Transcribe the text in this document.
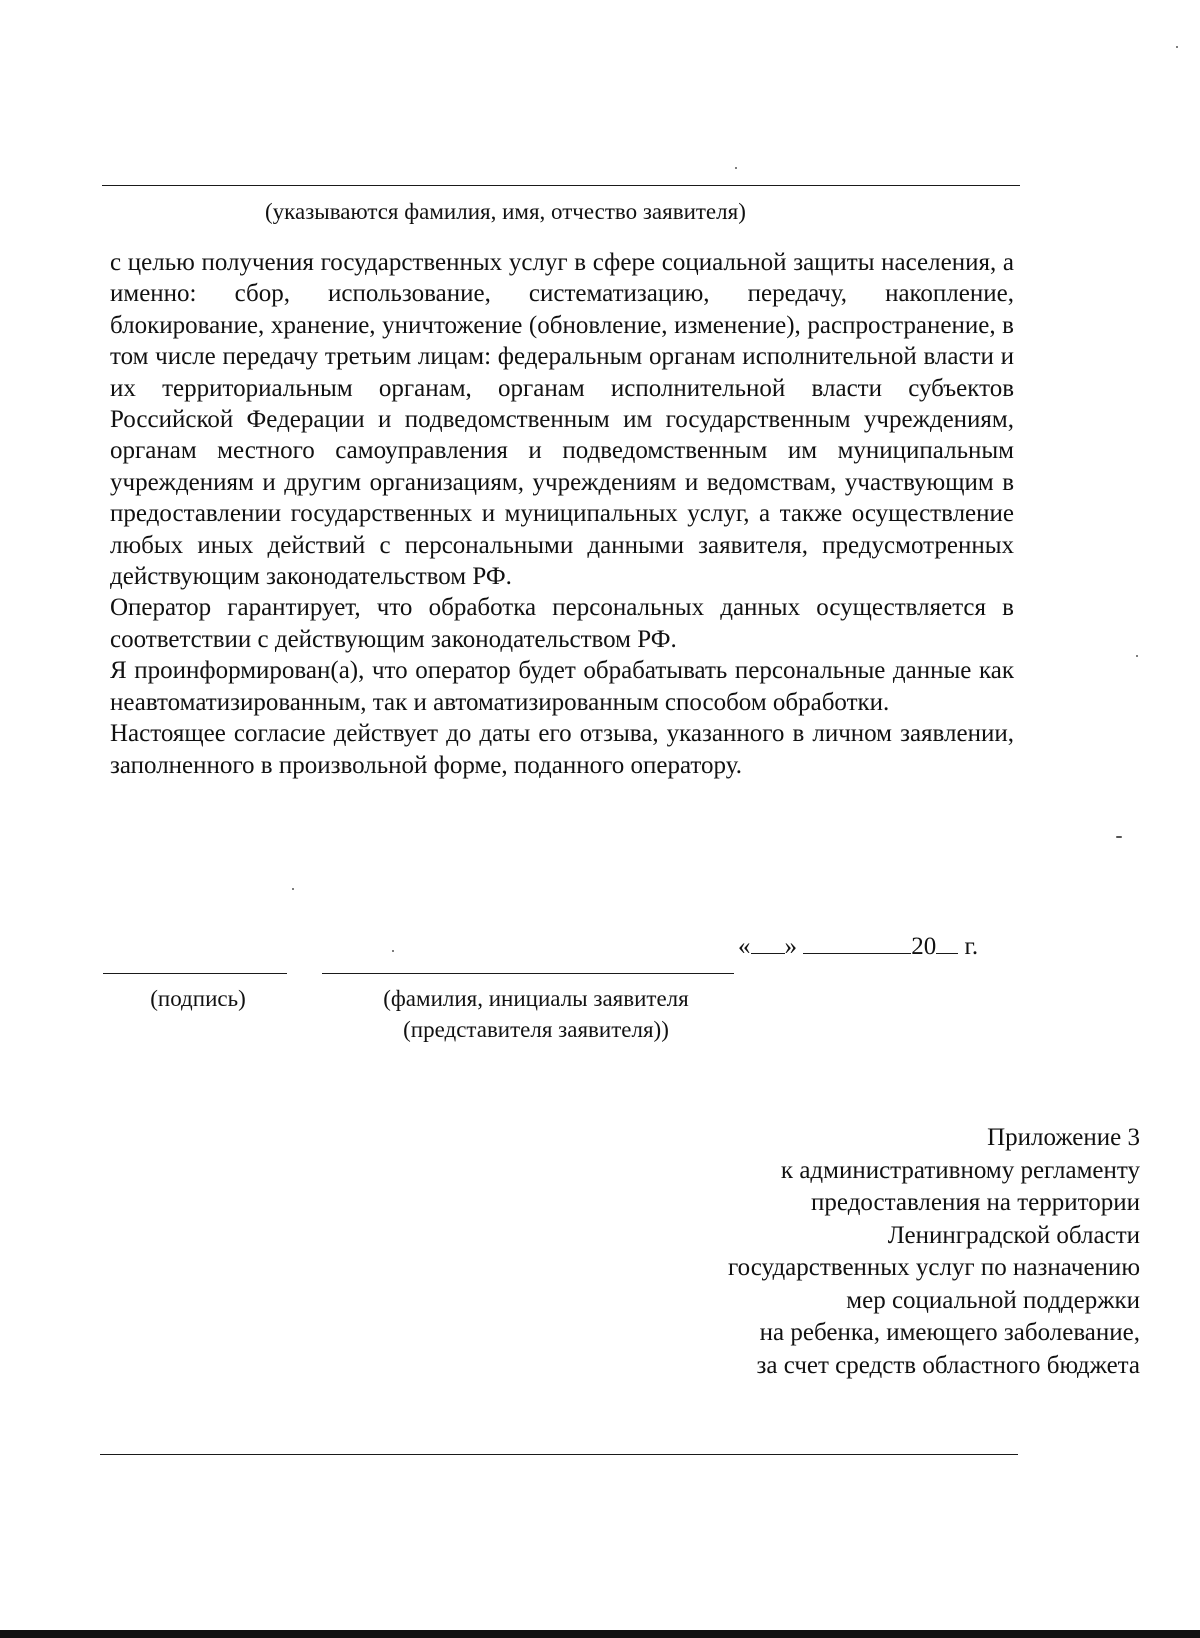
(указываются фамилия, имя, отчество заявителя)

с целью получения государственных услуг в сфере социальной защиты населения, а именно: сбор, использование, систематизацию, передачу, накопление, блокирование, хранение, уничтожение (обновление, изменение), распространение, в том числе передачу третьим лицам: федеральным органам исполнительной власти и их территориальным органам, органам исполнительной власти субъектов Российской Федерации и подведомственным им государственным учреждениям, органам местного самоуправления и подведомственным им муниципальным учреждениям и другим организациям, учреждениям и ведомствам, участвующим в предоставлении государственных и муниципальных услуг, а также осуществление любых иных действий с персональными данными заявителя, предусмотренных действующим законодательством РФ.

Оператор гарантирует, что обработка персональных данных осуществляется в соответствии с действующим законодательством РФ.

Я проинформирован(а), что оператор будет обрабатывать персональные данные как неавтоматизированным, так и автоматизированным способом обработки.

Настоящее согласие действует до даты его отзыва, указанного в личном заявлении, заполненного в произвольной форме, поданного оператору.

« »	20 г.
(подпись)	(фамилия, инициалы заявителя
(представителя заявителя))
Приложение 3
к административному регламенту
предоставления на территории
Ленинградской области
государственных услуг по назначению
мер социальной поддержки
на ребенка, имеющего заболевание,
за счет средств областного бюджета
